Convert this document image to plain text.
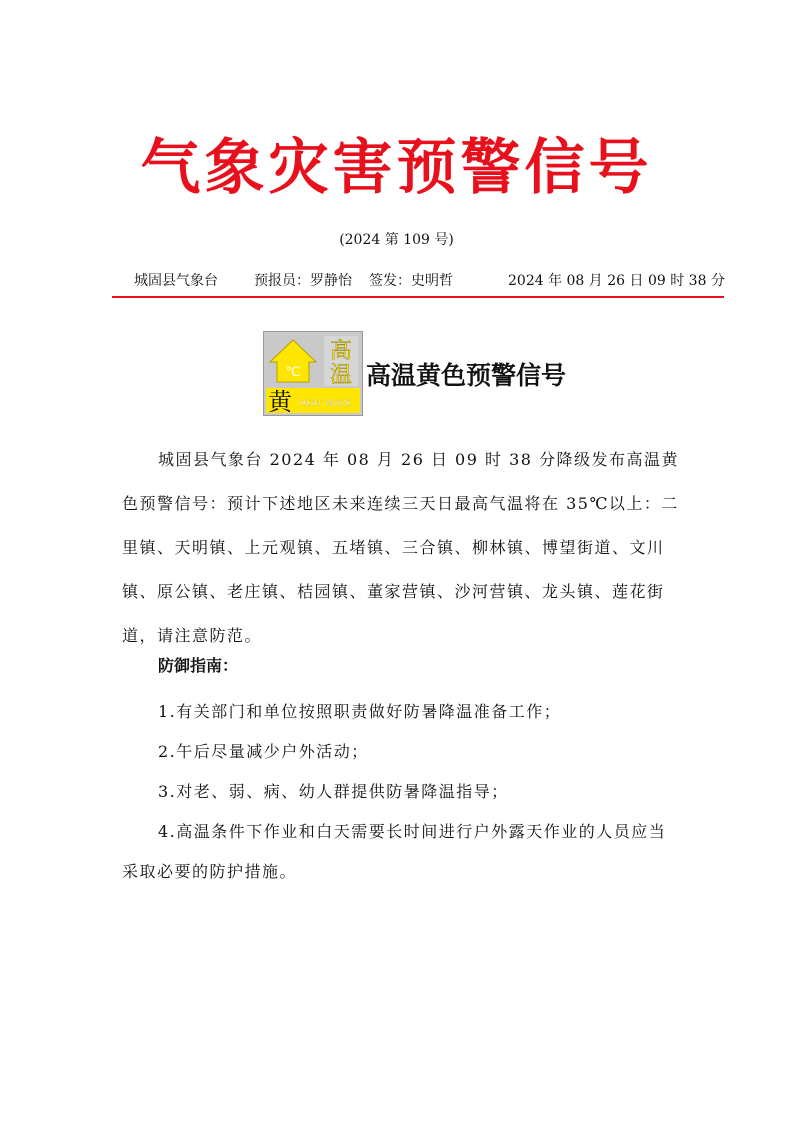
气象灾害预警信号
(2024 第 109 号)
城固县气象台	预报员：罗静怡 签发：史明哲	2024 年 08 月 26 日 09 时 38 分
℃
高
温
黄 HEAT WAVE
高温黄色预警信号

城固县气象台 2024 年 08 月 26 日 09 时 38 分降级发布高温黄色预警信号：预计下述地区未来连续三天日最高气温将在 35℃以上：二里镇、天明镇、上元观镇、五堵镇、三合镇、柳林镇、博望街道、文川镇、原公镇、老庄镇、桔园镇、董家营镇、沙河营镇、龙头镇、莲花街道，请注意防范。

防御指南：

1.有关部门和单位按照职责做好防暑降温准备工作；

2.午后尽量减少户外活动；

3.对老、弱、病、幼人群提供防暑降温指导；

4.高温条件下作业和白天需要长时间进行户外露天作业的人员应当采取必要的防护措施。
